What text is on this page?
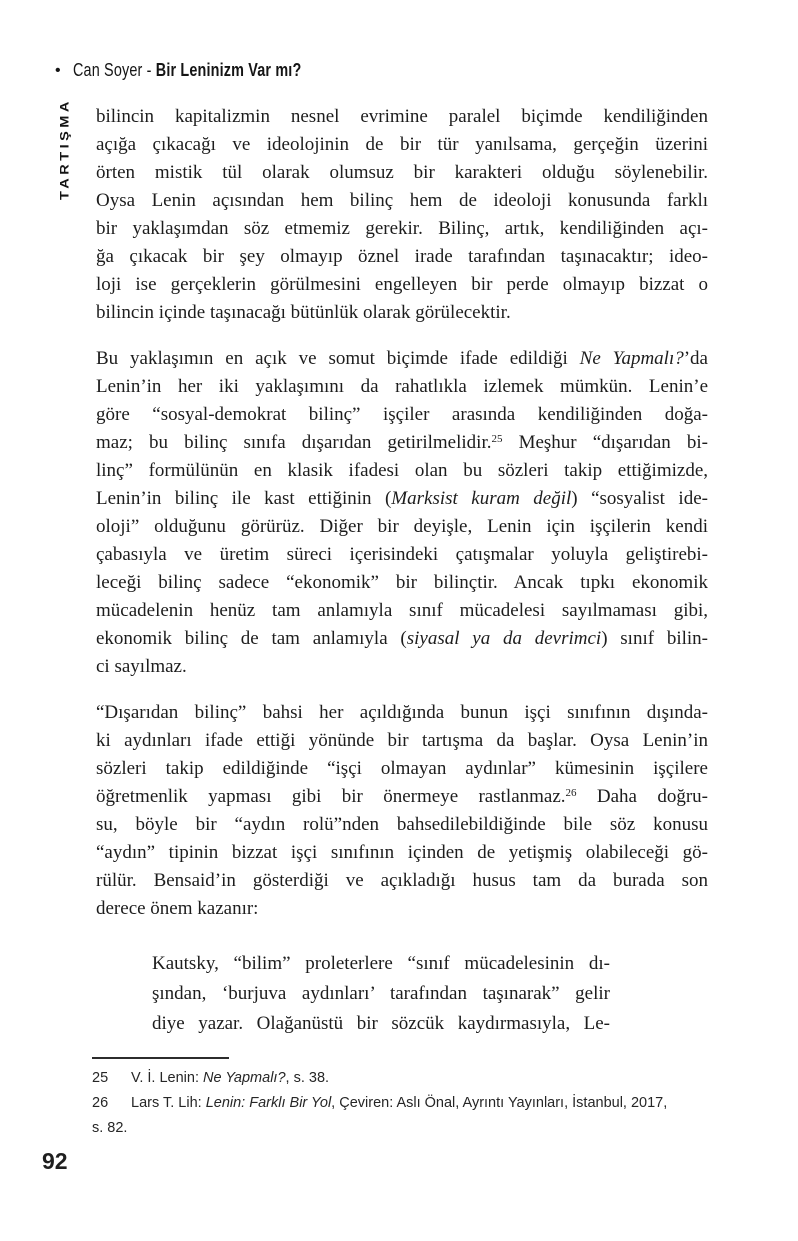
• Can Soyer - Bir Leninizm Var mı?
TARTIŞMA bilincin kapitalizmin nesnel evrimine paralel biçimde kendiliğinden
açığa çıkacağı ve ideolojinin de bir tür yanılsama, gerçeğin üzerini
örten mistik tül olarak olumsuz bir karakteri olduğu söylenebilir.
Oysa Lenin açısından hem bilinç hem de ideoloji konusunda farklı
bir yaklaşımdan söz etmemiz gerekir. Bilinç, artık, kendiliğinden açı-
ğa çıkacak bir şey olmayıp öznel irade tarafından taşınacaktır; ideo-
loji ise gerçeklerin görülmesini engelleyen bir perde olmayıp bizzat o
bilincin içinde taşınacağı bütünlük olarak görülecektir.
Bu yaklaşımın en açık ve somut biçimde ifade edildiği Ne Yapmalı?’da
Lenin’in her iki yaklaşımını da rahatlıkla izlemek mümkün. Lenin’e
göre “sosyal-demokrat bilinç” işçiler arasında kendiliğinden doğa-
maz; bu bilinç sınıfa dışarıdan getirilmelidir.$^{25}$ Meşhur “dışarıdan bi-
linç” formülünün en klasik ifadesi olan bu sözleri takip ettiğimizde,
Lenin’in bilinç ile kast ettiğinin (Marksist kuram değil) “sosyalist ide-
oloji” olduğunu görürüz. Diğer bir deyişle, Lenin için işçilerin kendi
çabasıyla ve üretim süreci içerisindeki çatışmalar yoluyla geliştirebi-
leceği bilinç sadece “ekonomik” bir bilinçtir. Ancak tıpkı ekonomik
mücadelenin henüz tam anlamıyla sınıf mücadelesi sayılmaması gibi,
ekonomik bilinç de tam anlamıyla (siyasal ya da devrimci) sınıf bilin-
ci sayılmaz.
“Dışarıdan bilinç” bahsi her açıldığında bunun işçi sınıfının dışında-
ki aydınları ifade ettiği yönünde bir tartışma da başlar. Oysa Lenin’in
sözleri takip edildiğinde “işçi olmayan aydınlar” kümesinin işçilere
öğretmenlik yapması gibi bir önermeye rastlanmaz.$^{26}$ Daha doğru-
su, böyle bir “aydın rolü”nden bahsedilebildiğinde bile söz konusu
“aydın” tipinin bizzat işçi sınıfının içinden de yetişmiş olabileceği gö-
rülür. Bensaid’in gösterdiği ve açıkladığı husus tam da burada son
derece önem kazanır:
Kautsky, “bilim” proleterlere “sınıf mücadelesinin dı-
şından, ‘burjuva aydınları’ tarafından taşınarak” gelir
diye yazar. Olağanüstü bir sözcük kaydırmasıyla, Le-
25 V. İ. Lenin: Ne Yapmalı?, s. 38.
26 Lars T. Lih: Lenin: Farklı Bir Yol, Çeviren: Aslı Önal, Ayrıntı Yayınları, İstanbul, 2017,
s. 82.
92
